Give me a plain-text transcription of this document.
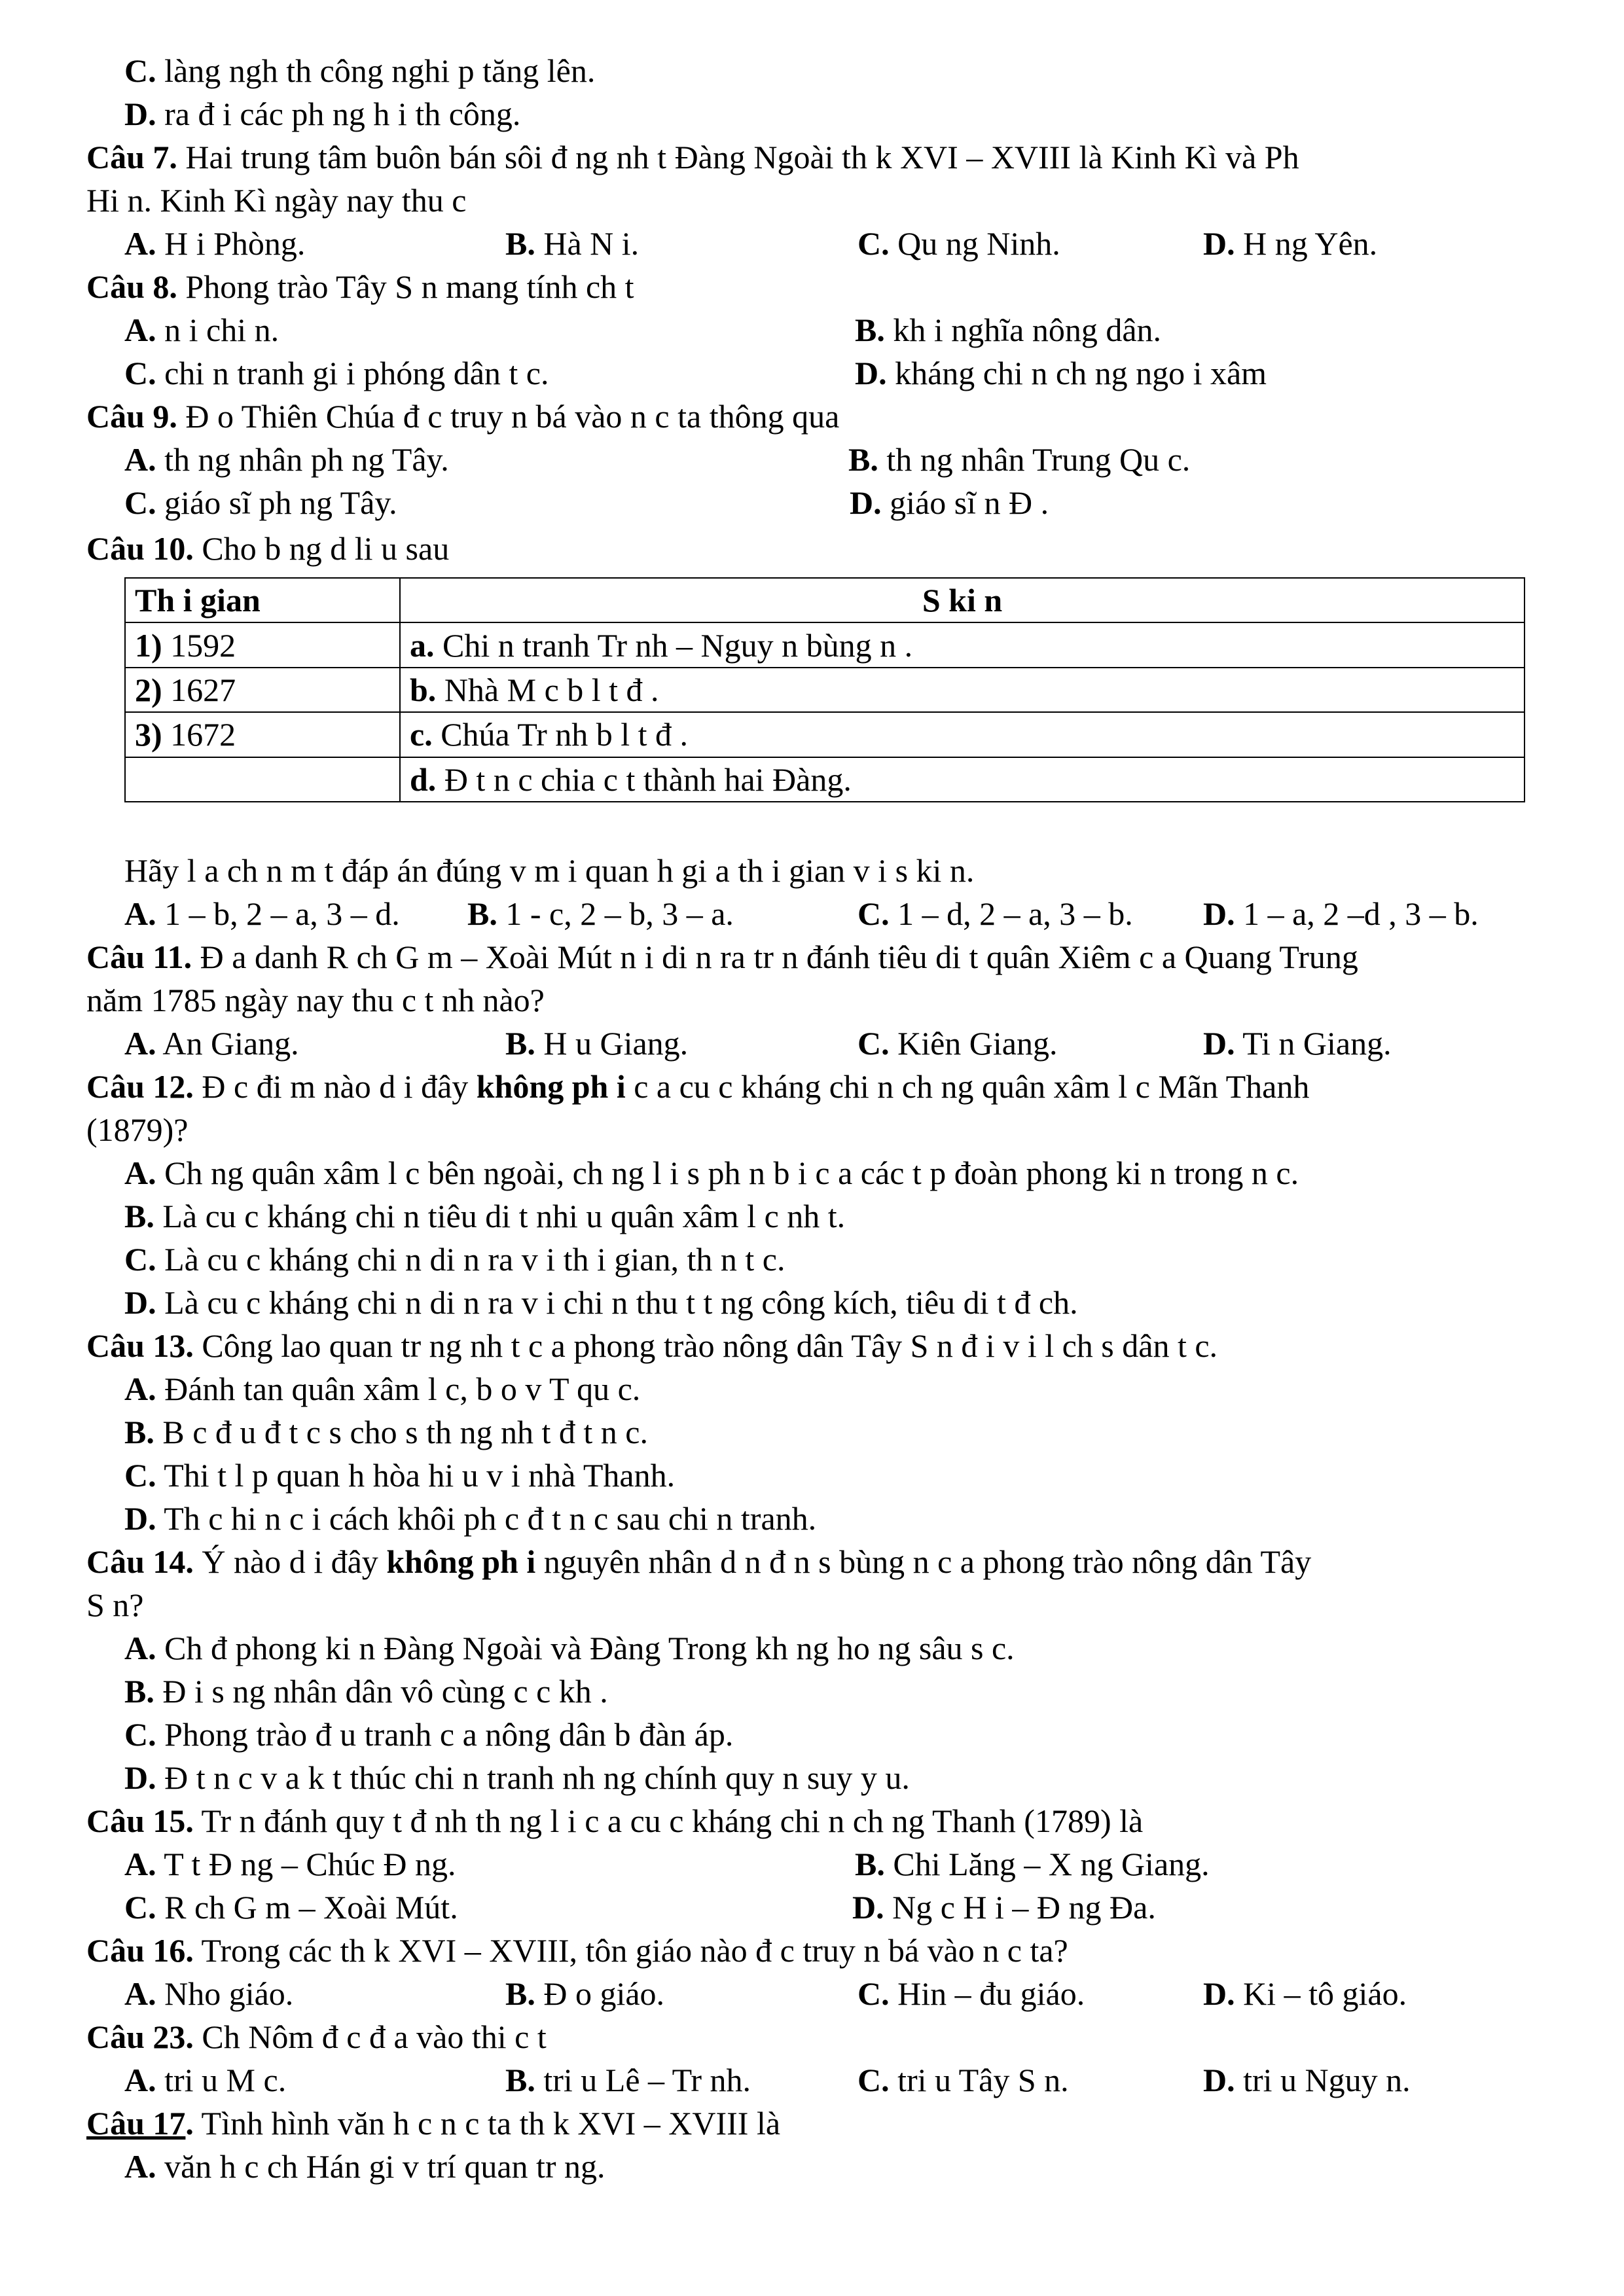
C. làng ngh th công nghi p tăng lên.
D. ra đ i các ph ng h i th công.
Câu 7. Hai trung tâm buôn bán sôi đ ng nh t Đàng Ngoài th k XVI – XVIII là Kinh Kì và Ph
Hi n. Kinh Kì ngày nay thu c
A. H i Phòng.	B. Hà N i.	C. Qu ng Ninh.	D. H ng Yên.
Câu 8. Phong trào Tây S n mang tính ch t
A. n i chi n.	B. kh i nghĩa nông dân.
C. chi n tranh gi i phóng dân t c.	D. kháng chi n ch ng ngo i xâm
Câu 9. Đ o Thiên Chúa đ c truy n bá vào n c ta thông qua
A. th ng nhân ph ng Tây.	B. th ng nhân Trung Qu c.
C. giáo sĩ ph ng Tây.	D. giáo sĩ n Đ .
Câu 10. Cho b ng d li u sau
Th i gian	S ki n
1) 1592	a. Chi n tranh Tr nh – Nguy n bùng n .
2) 1627	b. Nhà M c b l t đ .
3) 1672	c. Chúa Tr nh b l t đ .
	d. Đ t n c chia c t thành hai Đàng.
Hãy l a ch n m t đáp án đúng v m i quan h gi a th i gian v i s ki n.
A. 1 – b, 2 – a, 3 – d. B. 1 - c, 2 – b, 3 – a.	C. 1 – d, 2 – a, 3 – b. D. 1 – a, 2 –d , 3 – b.
Câu 11. Đ a danh R ch G m – Xoài Mút n i di n ra tr n đánh tiêu di t quân Xiêm c a Quang Trung
năm 1785 ngày nay thu c t nh nào?
A. An Giang.	B. H u Giang.	C. Kiên Giang.	D. Ti n Giang.
Câu 12. Đ c đi m nào d i đây không ph i c a cu c kháng chi n ch ng quân xâm l c Mãn Thanh
(1879)?
A. Ch ng quân xâm l c bên ngoài, ch ng l i s ph n b i c a các t p đoàn phong ki n trong n c.
B. Là cu c kháng chi n tiêu di t nhi u quân xâm l c nh t.
C. Là cu c kháng chi n di n ra v i th i gian, th n t c.
D. Là cu c kháng chi n di n ra v i chi n thu t t ng công kích, tiêu di t đ ch.
Câu 13. Công lao quan tr ng nh t c a phong trào nông dân Tây S n đ i v i l ch s dân t c.
A. Đánh tan quân xâm l c, b o v T qu c.
B. B c đ u đ t c s cho s th ng nh t đ t n c.
C. Thi t l p quan h hòa hi u v i nhà Thanh.
D. Th c hi n c i cách khôi ph c đ t n c sau chi n tranh.
Câu 14. Ý nào d i đây không ph i nguyên nhân d n đ n s bùng n c a phong trào nông dân Tây
S n?
A. Ch đ phong ki n Đàng Ngoài và Đàng Trong kh ng ho ng sâu s c.
B. Đ i s ng nhân dân vô cùng c c kh .
C. Phong trào đ u tranh c a nông dân b đàn áp.
D. Đ t n c v a k t thúc chi n tranh nh ng chính quy n suy y u.
Câu 15. Tr n đánh quy t đ nh th ng l i c a cu c kháng chi n ch ng Thanh (1789) là
A. T t Đ ng – Chúc Đ ng.	B. Chi Lăng – X ng Giang.
C. R ch G m – Xoài Mút.	D. Ng c H i – Đ ng Đa.
Câu 16. Trong các th k XVI – XVIII, tôn giáo nào đ c truy n bá vào n c ta?
A. Nho giáo.	B. Đ o giáo.	C. Hin – đu giáo.	D. Ki – tô giáo.
Câu 23. Ch Nôm đ c đ a vào thi c t
A. tri u M c.	B. tri u Lê – Tr nh.	C. tri u Tây S n.	D. tri u Nguy n.
Câu 17. Tình hình văn h c n c ta th k XVI – XVIII là
A. văn h c ch Hán gi v trí quan tr ng.
